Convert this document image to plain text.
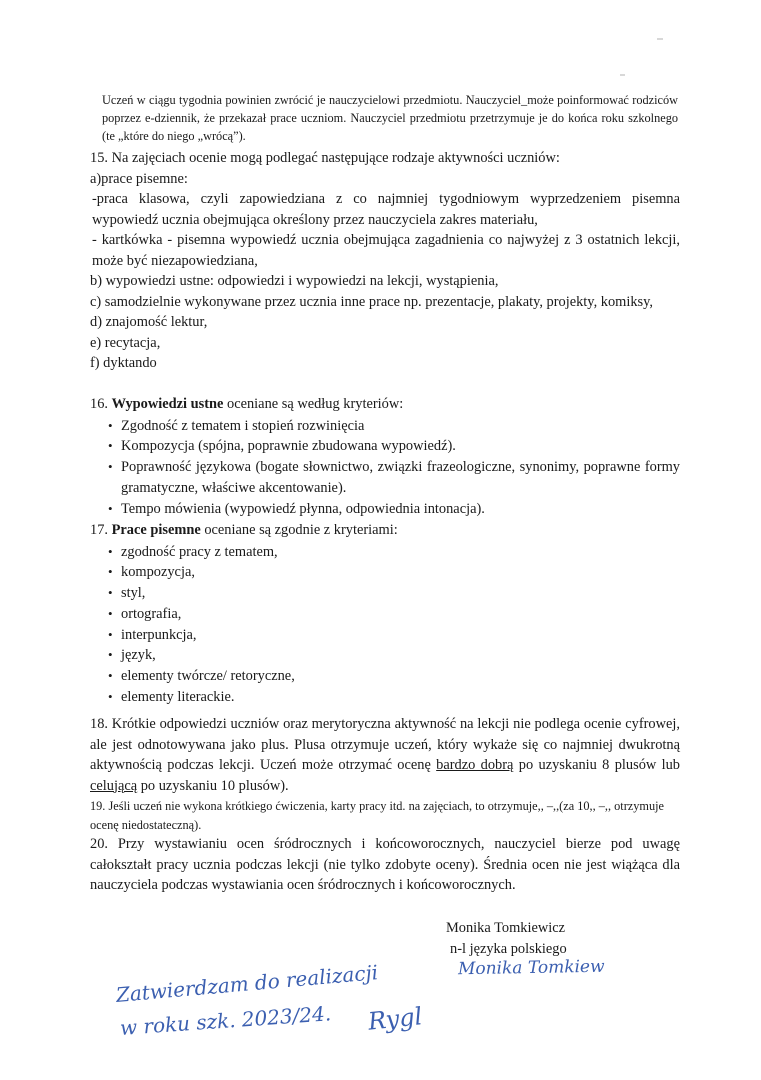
Uczeń w ciągu tygodnia powinien zwrócić je nauczycielowi przedmiotu. Nauczyciel_może poinformować rodziców poprzez e-dziennik, że przekazał prace uczniom. Nauczyciel przedmiotu przetrzymuje je do końca roku szkolnego (te „które do niego „wrócą”).
15. Na zajęciach ocenie mogą podlegać następujące rodzaje aktywności uczniów:
a)prace pisemne:
-praca klasowa, czyli zapowiedziana z co najmniej tygodniowym wyprzedzeniem pisemna wypowiedź ucznia obejmująca określony przez nauczyciela zakres materiału,
- kartkówka - pisemna wypowiedź ucznia obejmująca zagadnienia co najwyżej z 3 ostatnich lekcji, może być niezapowiedziana,
b) wypowiedzi ustne: odpowiedzi i wypowiedzi na lekcji, wystąpienia,
c) samodzielnie wykonywane przez ucznia inne prace np. prezentacje, plakaty, projekty, komiksy,
d) znajomość lektur,
e) recytacja,
f) dyktando
16. Wypowiedzi ustne oceniane są według kryteriów:
• Zgodność z tematem i stopień rozwinięcia
• Kompozycja (spójna, poprawnie zbudowana wypowiedź).
• Poprawność językowa (bogate słownictwo, związki frazeologiczne, synonimy, poprawne formy gramatyczne, właściwe akcentowanie).
• Tempo mówienia (wypowiedź płynna, odpowiednia intonacja).
17. Prace pisemne oceniane są zgodnie z kryteriami:
• zgodność pracy z tematem,
• kompozycja,
• styl,
• ortografia,
• interpunkcja,
• język,
• elementy twórcze/ retoryczne,
• elementy literackie.
18. Krótkie odpowiedzi uczniów oraz merytoryczna aktywność na lekcji nie podlega ocenie cyfrowej, ale jest odnotowywana jako plus. Plusa otrzymuje uczeń, który wykaże się co najmniej dwukrotną aktywnością podczas lekcji. Uczeń może otrzymać ocenę bardzo dobrą po uzyskaniu 8 plusów lub celującą po uzyskaniu 10 plusów).
19. Jeśli uczeń nie wykona krótkiego ćwiczenia, karty pracy itd. na zajęciach, to otrzymuje,, –,,(za 10,, –,, otrzymuje ocenę niedostateczną).
20. Przy wystawianiu ocen śródrocznych i końcoworocznych, nauczyciel bierze pod uwagę całokształt pracy ucznia podczas lekcji (nie tylko zdobyte oceny). Średnia ocen nie jest wiążąca dla nauczyciela podczas wystawiania ocen śródrocznych i końcoworocznych.
Monika Tomkiewicz
n-l języka polskiego
Monika Tomkiew
Zatwierdzam do realizacji
w roku szk. 2023/24. Rygl
